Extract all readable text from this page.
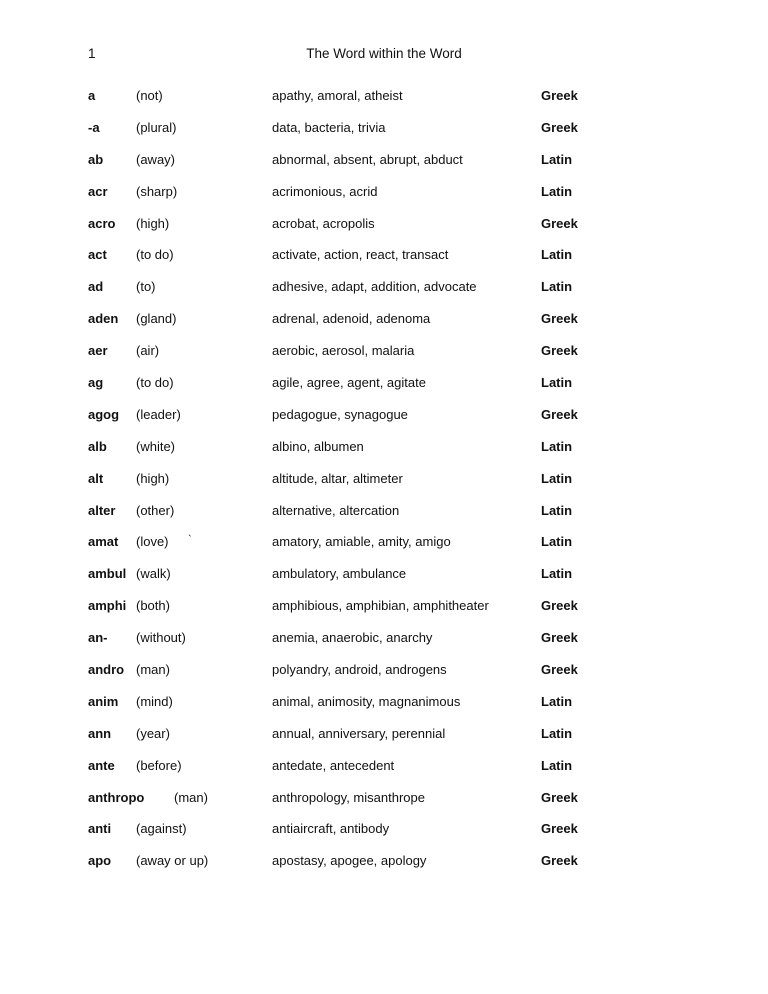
1	The Word within the Word
a	(not)	apathy, amoral, atheist	Greek
-a	(plural)	data, bacteria, trivia	Greek
ab	(away)	abnormal, absent, abrupt, abduct	Latin
acr (sharp)	acrimonious, acrid	Latin
acro (high)	acrobat, acropolis	Greek
act (to do)	activate, action, react, transact	Latin
ad	(to)	adhesive, adapt, addition, advocate	Latin
aden (gland)	adrenal, adenoid, adenoma	Greek
aer (air)	aerobic, aerosol, malaria	Greek
ag	(to do)	agile, agree, agent, agitate	Latin
agog (leader)	pedagogue, synagogue	Greek
alb (white)	albino, albumen	Latin
alt	(high)	altitude, altar, altimeter	Latin
alter (other)	alternative, altercation	Latin
amat (love) `	amatory, amiable, amity, amigo	Latin
ambul (walk)	ambulatory, ambulance	Latin
amphi (both)	amphibious, amphibian, amphitheater	Greek
an- (without)	anemia, anaerobic, anarchy	Greek
andro (man)	polyandry, android, androgens	Greek
anim (mind)	animal, animosity, magnanimous	Latin
ann (year)	annual, anniversary, perennial	Latin
ante (before)	antedate, antecedent	Latin
anthropo (man)	anthropology, misanthrope	Greek
anti (against)	antiaircraft, antibody	Greek
apo (away or up)	apostasy, apogee, apology	Greek
